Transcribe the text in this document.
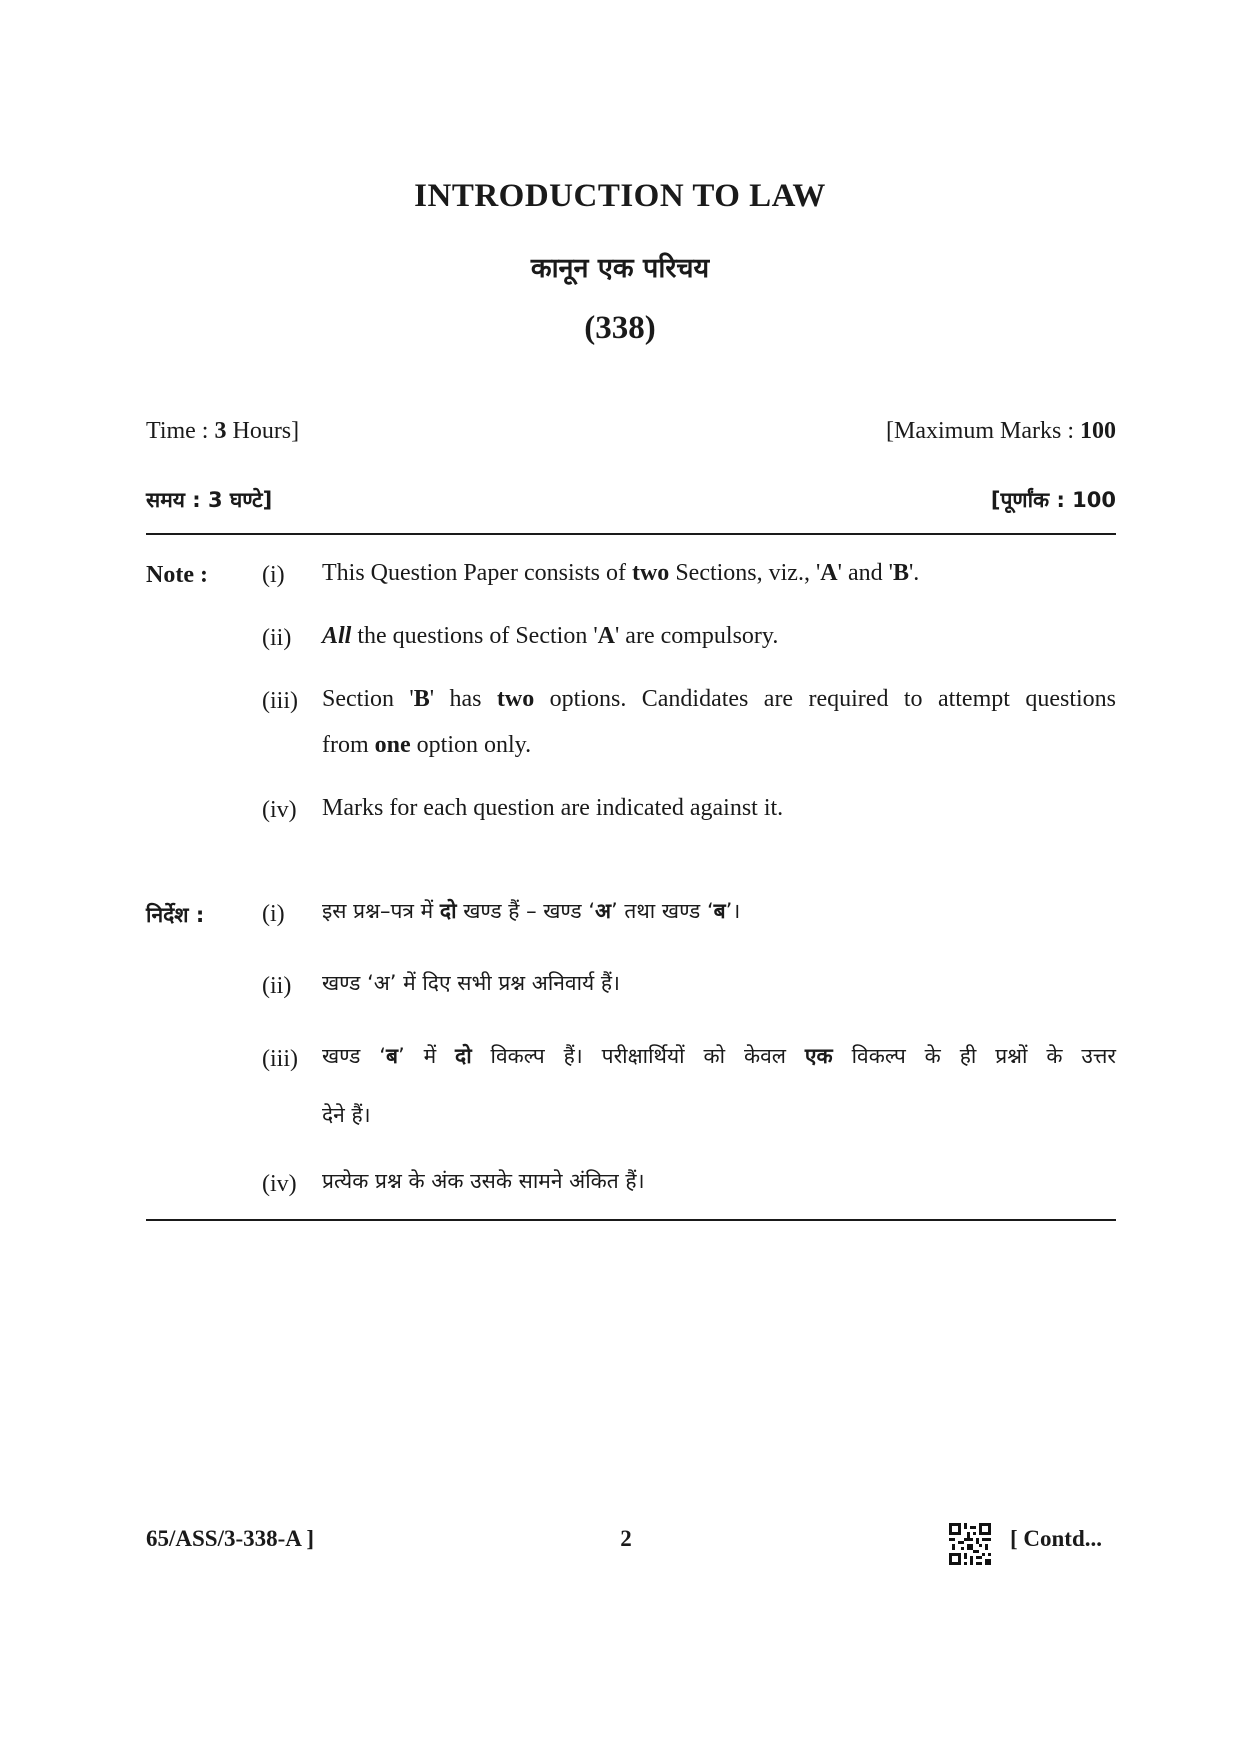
INTRODUCTION TO LAW
कानून एक परिचय
(338)
Time : 3 Hours]	[Maximum Marks : 100
समय : 3 घण्टे]	[पूर्णांक : 100
Note : (i) This Question Paper consists of two Sections, viz., 'A' and 'B'.
(ii) All the questions of Section 'A' are compulsory.
(iii) Section 'B' has two options. Candidates are required to attempt questions
from one option only.
(iv) Marks for each question are indicated against it.
निर्देश : (i) इस प्रश्न–पत्र में दो खण्ड हैं – खण्ड ‘अ’ तथा खण्ड ‘ब’।
(ii) खण्ड ‘अ’ में दिए सभी प्रश्न अनिवार्य हैं।
(iii) खण्ड ‘ब’ में दो विकल्प हैं। परीक्षार्थियों को केवल एक विकल्प के ही प्रश्नों के उत्तर
देने हैं।
(iv) प्रत्येक प्रश्न के अंक उसके सामने अंकित हैं।
65/ASS/3-338-A ]	2	[ Contd...
